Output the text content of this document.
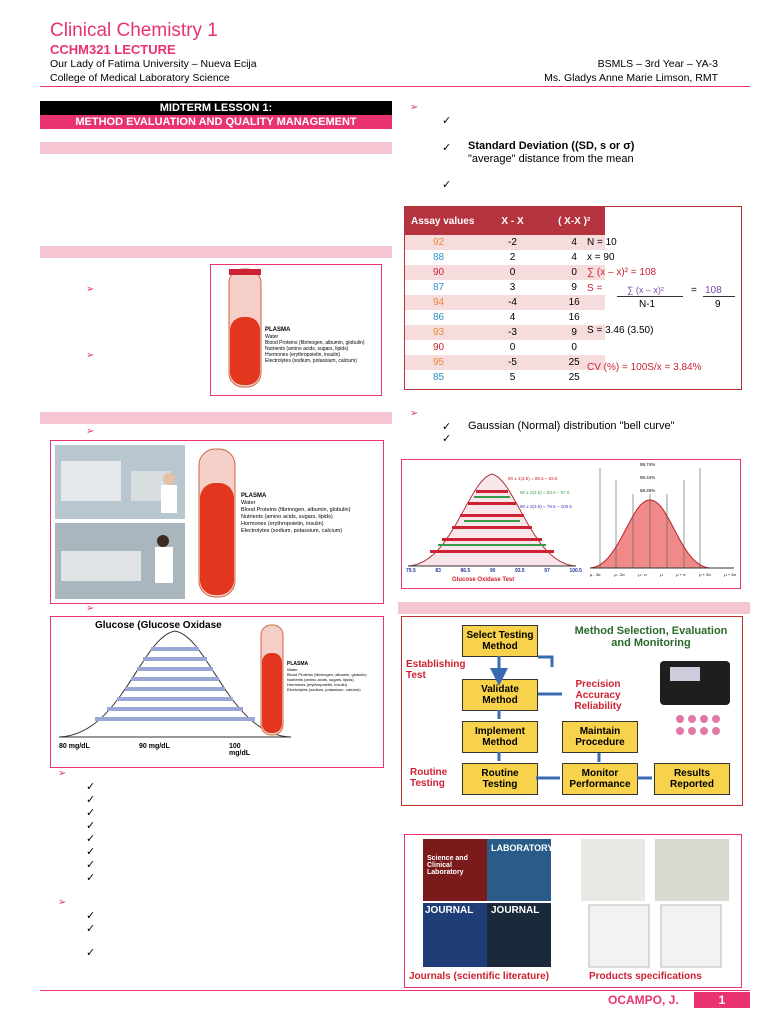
Clinical Chemistry 1
CCHM321 LECTURE
Our Lady of Fatima University – Nueva Ecija
College of Medical Laboratory Science
BSMLS – 3rd Year – YA-3
Ms. Gladys Anne Marie Limson, RMT
MIDTERM LESSON 1:
METHOD EVALUATION AND QUALITY MANAGEMENT
➢
➢
PLASMA
Water
Blood Proteins (fibrinogen, albumin, globulin)
Nutrients (amino acids, sugars, lipids)
Hormones (erythropoietin, insulin)
Electrolytes (sodium, potassium, calcium)
➢
PLASMA
Water
Blood Proteins (fibrinogen, albumin, globulin)
Nutrients (amino acids, sugars, lipids)
Hormones (erythropoietin, insulin)
Electrolytes (sodium, potassium, calcium)
➢
Glucose (Glucose Oxidase
PLASMA
Water
Blood Proteins (fibrinogen, albumin, globulin)
Nutrients (amino acids, sugars, lipids)
Hormones (erythropoietin, insulin)
Electrolytes (sodium, potassium, calcium)
80 mg/dL	90 mg/dL	100 mg/dL
➢
✓
✓
✓
✓
✓
✓
✓
✓
➢
✓
✓
✓
➢
✓
✓ Standard Deviation ((SD, s or σ)
"average" distance from the mean
✓
Assay values	X - X	( X-X )²
92	-2	4
88	2	4
90	0	0
87	3	9
94	-4	16
86	4	16
93	-3	9
90	0	0
95	-5	25
85	5	25
N = 10
x = 90
∑ (x – x)² = 108
S =	∑ (x – x)²
N-1
= 108
9
S = 3.46 (3.50)
CV (%) = 100S/x = 3.84%
➢
✓ Gaussian (Normal) distribution "bell curve"
✓
90 ± 1(3.5) = 86.5 – 93.5
90 ± 2(3.5) = 83.0 – 97.0
90 ± 3(3.5) = 79.5 – 100.5
79.5	83	86.5	90	93.5	97	100.5
Glucose Oxidase Test
99.74%
95.44%
68.26%
μ - 3σ	μ - 2σ	μ - σ	μ	μ + σ	μ + 2σ	μ + 3σ
Method Selection, Evaluation and Monitoring
Establishing Test
Routine Testing
Select Testing Method
Validate Method
Precision Accuracy Reliability
Implement Method
Maintain Procedure
Routine Testing
Monitor Performance
Results Reported
Science and Clinical Laboratory
LABORATORY
JOURNAL JOURNAL
Journals (scientific literature)	Products specifications
OCAMPO, J.	1
